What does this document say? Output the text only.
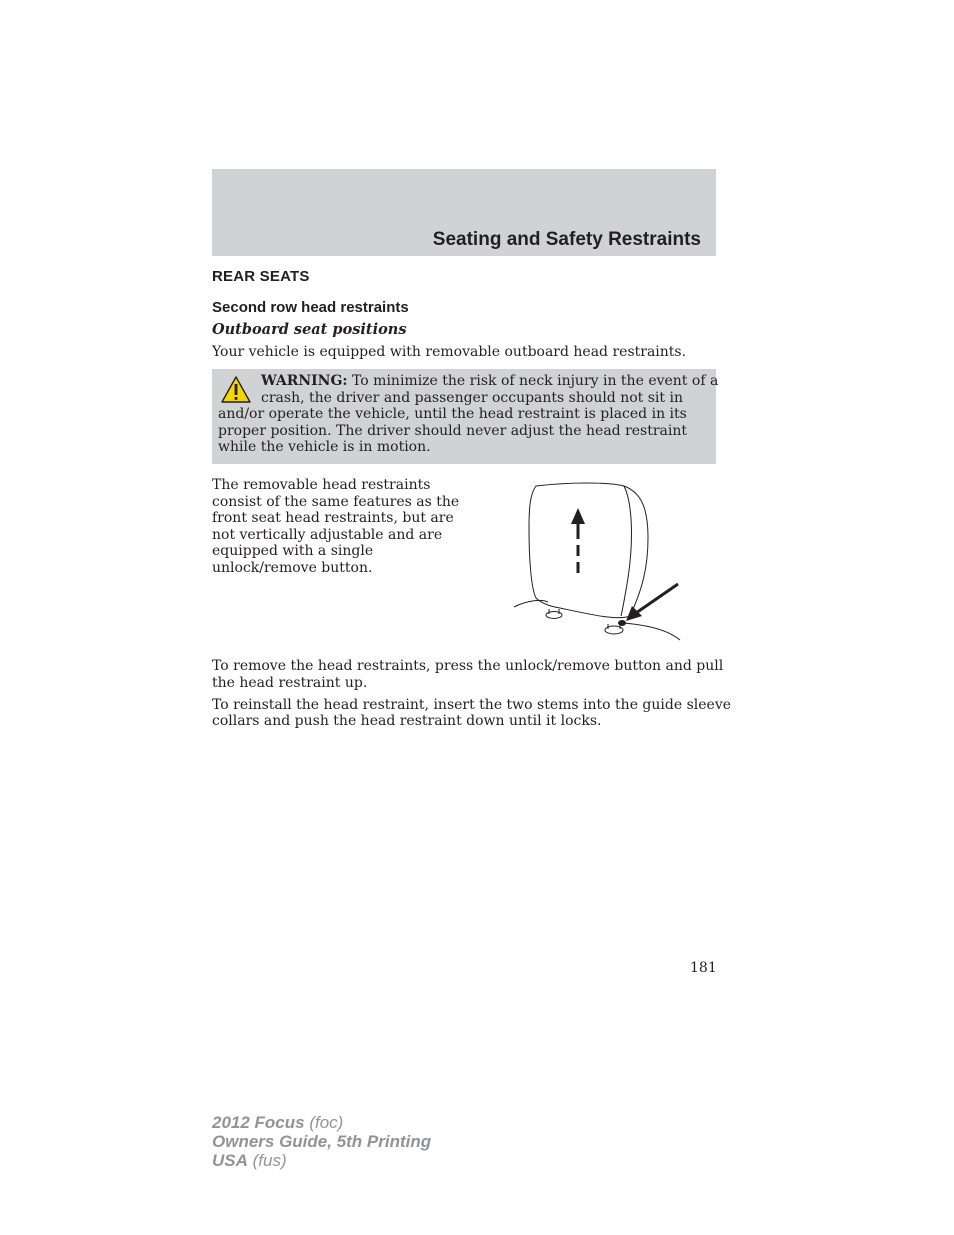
Seating and Safety Restraints
REAR SEATS
Second row head restraints
Outboard seat positions
Your vehicle is equipped with removable outboard head restraints.
WARNING: To minimize the risk of neck injury in the event of a
crash, the driver and passenger occupants should not sit in
and/or operate the vehicle, until the head restraint is placed in its
proper position. The driver should never adjust the head restraint
while the vehicle is in motion.
The removable head restraints
consist of the same features as the
front seat head restraints, but are
not vertically adjustable and are
equipped with a single
unlock/remove button.
To remove the head restraints, press the unlock/remove button and pull
the head restraint up.
To reinstall the head restraint, insert the two stems into the guide sleeve
collars and push the head restraint down until it locks.
181
2012 Focus (foc)
Owners Guide, 5th Printing
USA (fus)
